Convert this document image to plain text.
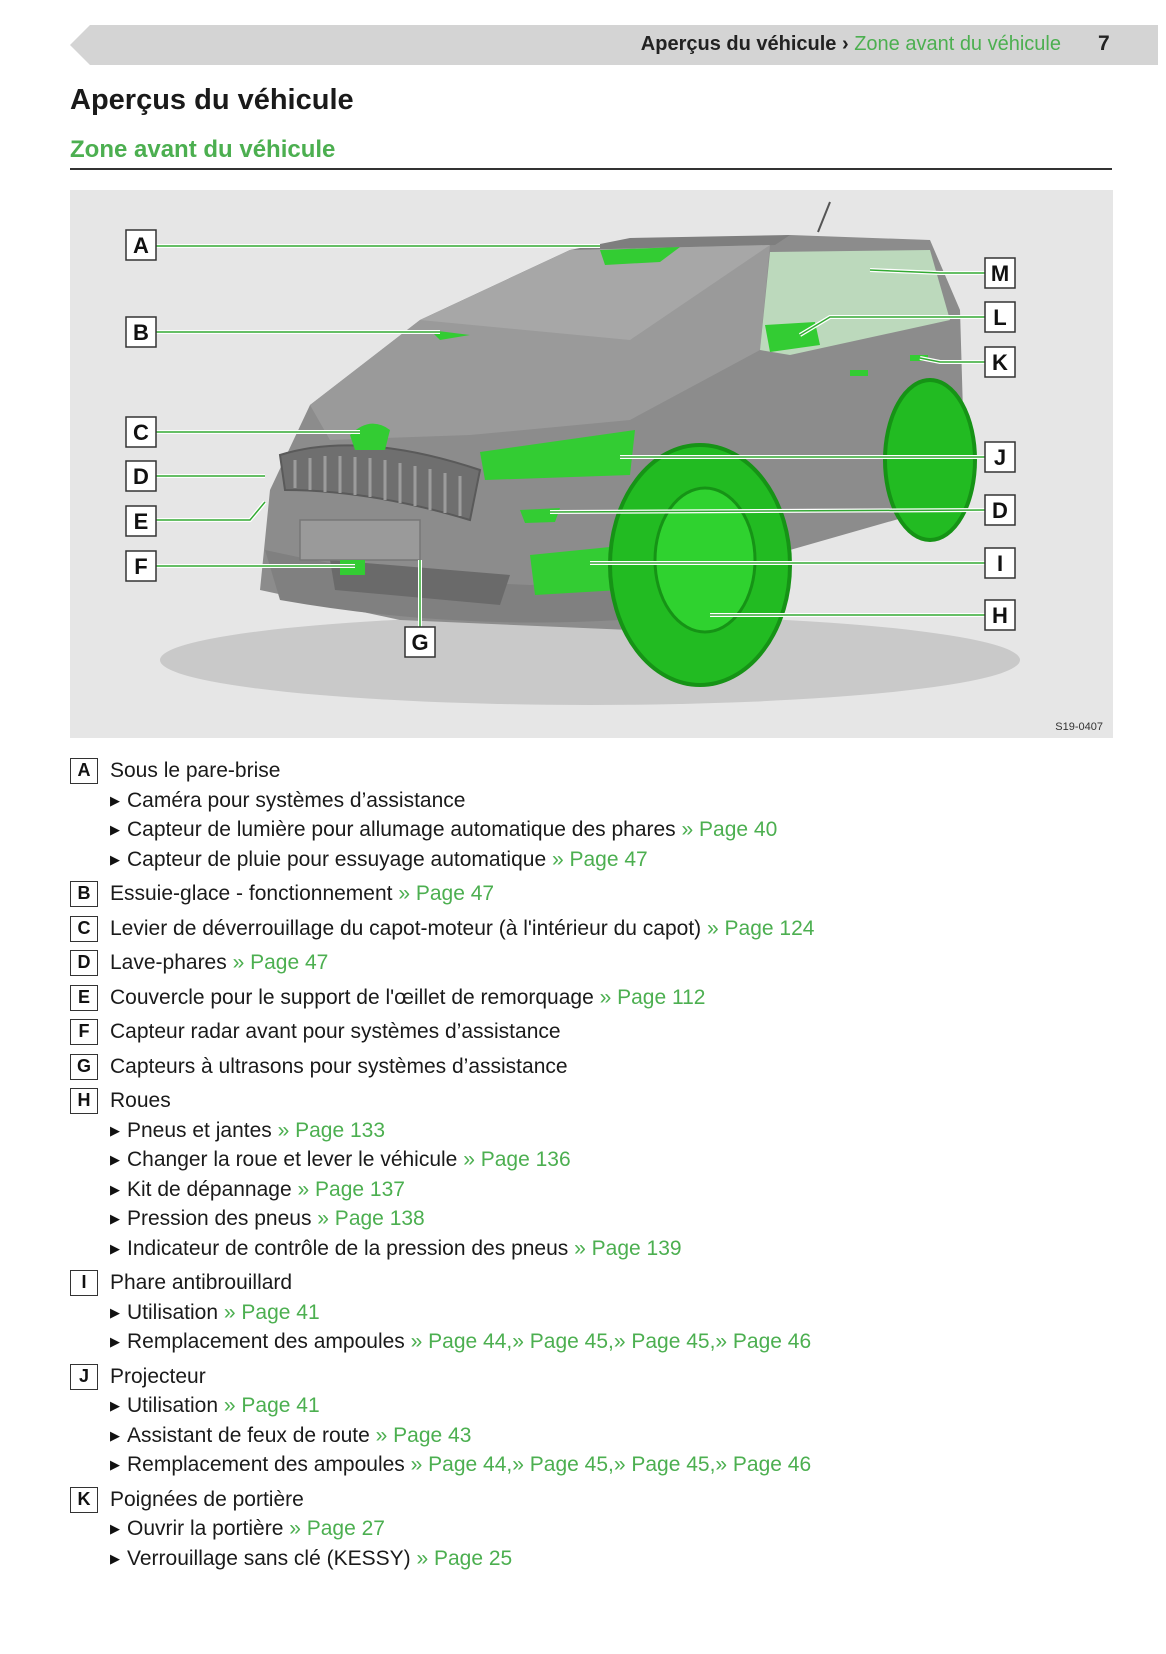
Aperçus du véhicule › Zone avant du véhicule 7
Aperçus du véhicule
Zone avant du véhicule
A
B
C
D
E
F
G
M
L
K
J
D
I
H
S19-0407
A Sous le pare-brise
▶ Caméra pour systèmes d’assistance
▶ Capteur de lumière pour allumage automatique des phares » Page 40
▶ Capteur de pluie pour essuyage automatique » Page 47
B Essuie-glace - fonctionnement » Page 47
C Levier de déverrouillage du capot-moteur (à l'intérieur du capot) » Page 124
D Lave-phares » Page 47
E Couvercle pour le support de l'œillet de remorquage » Page 112
F Capteur radar avant pour systèmes d’assistance
G Capteurs à ultrasons pour systèmes d’assistance
H Roues
▶ Pneus et jantes » Page 133
▶ Changer la roue et lever le véhicule » Page 136
▶ Kit de dépannage » Page 137
▶ Pression des pneus » Page 138
▶ Indicateur de contrôle de la pression des pneus » Page 139
I	Phare antibrouillard
▶ Utilisation » Page 41
▶ Remplacement des ampoules » Page 44,» Page 45,» Page 45,» Page 46
J	Projecteur
▶ Utilisation » Page 41
▶ Assistant de feux de route » Page 43
▶ Remplacement des ampoules » Page 44,» Page 45,» Page 45,» Page 46
K Poignées de portière
▶ Ouvrir la portière » Page 27
▶ Verrouillage sans clé (KESSY) » Page 25
